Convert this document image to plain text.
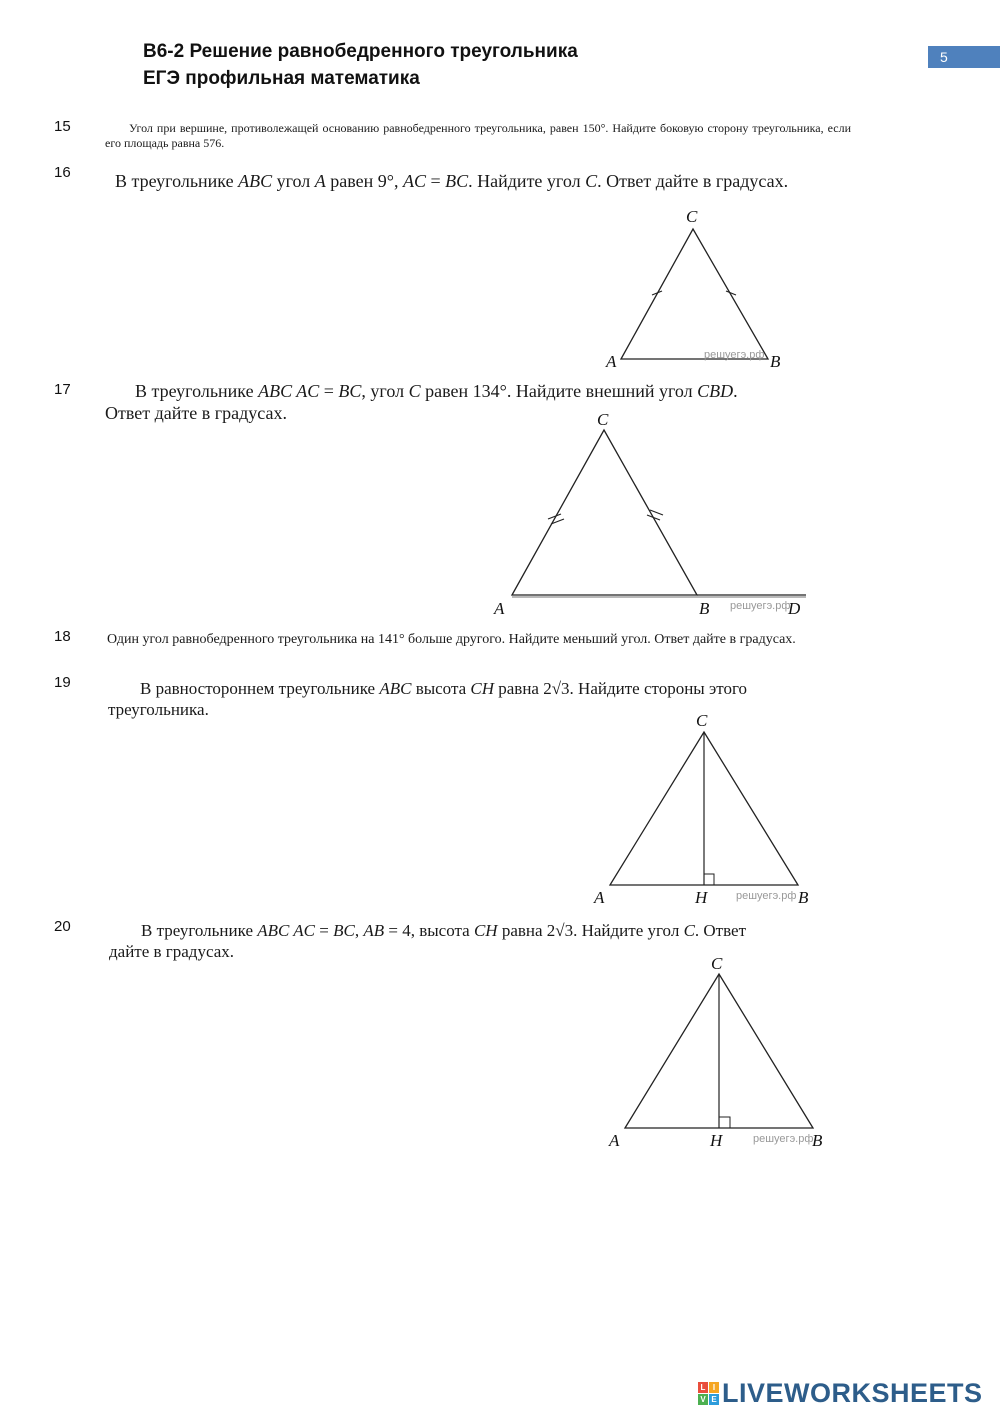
В6-2 Решение равнобедренного треугольника
ЕГЭ профильная математика
5
15	Угол при вершине, противолежащей основанию равнобедренного треугольника, равен 150°. Найдите боковую сторону треугольника, если его площадь равна 576.
16 В треугольнике ABC угол A равен 9°, AC = BC. Найдите угол C. Ответ дайте в градусах.
C
A	B
решуегэ.рф
17	В треугольнике ABC AC = BC, угол C равен 134°. Найдите внешний угол CBD.
Ответ дайте в градусах.	C
A	B	D
решуегэ.рф
18	Один угол равнобедренного треугольника на 141° больше другого. Найдите меньший угол. Ответ дайте в градусах.
19	В равностороннем треугольнике ABC высота CH равна 2√3. Найдите стороны этого
треугольника.
C
A	H	B
решуегэ.рф
20	В треугольнике ABC AC = BC, AB = 4, высота CH равна 2√3. Найдите угол C. Ответ
дайте в градусах.
C
A	H	B
решуегэ.рф
L I
V E LIVEWORKSHEETS
